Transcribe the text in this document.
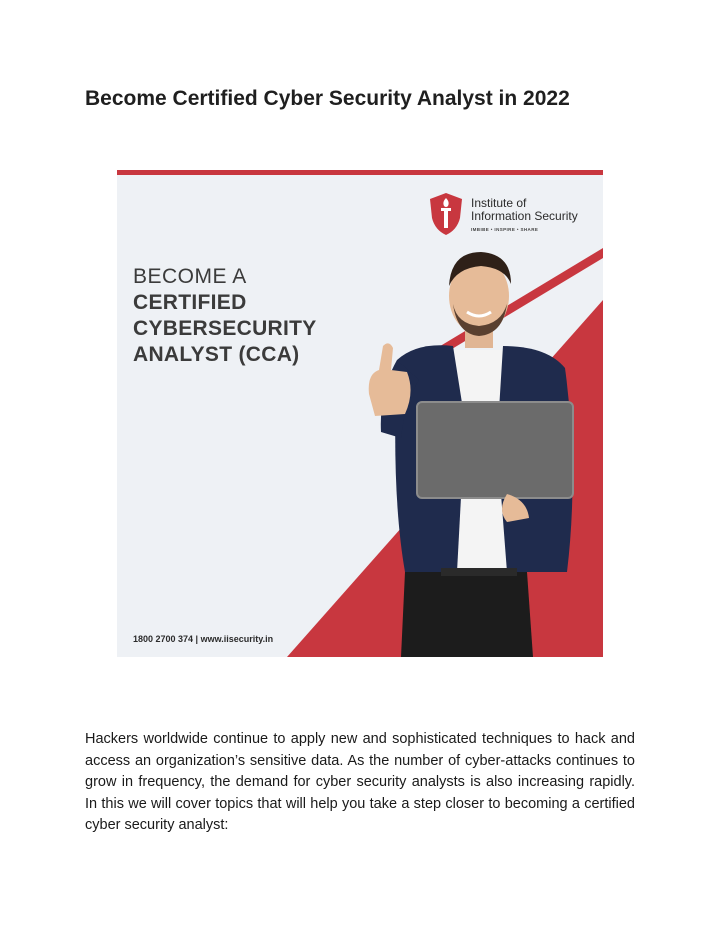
Become Certified Cyber Security Analyst in 2022
Institute of
Information Security
IMBIBE • INSPIRE • SHARE
BECOME A
CERTIFIED
CYBERSECURITY
ANALYST (CCA)
1800 2700 374 | www.iisecurity.in

Hackers worldwide continue to apply new and sophisticated techniques to hack and access an organization’s sensitive data. As the number of cyber-attacks continues to grow in frequency, the demand for cyber security analysts is also increasing rapidly. In this we will cover topics that will help you take a step closer to becoming a certified cyber security analyst:
